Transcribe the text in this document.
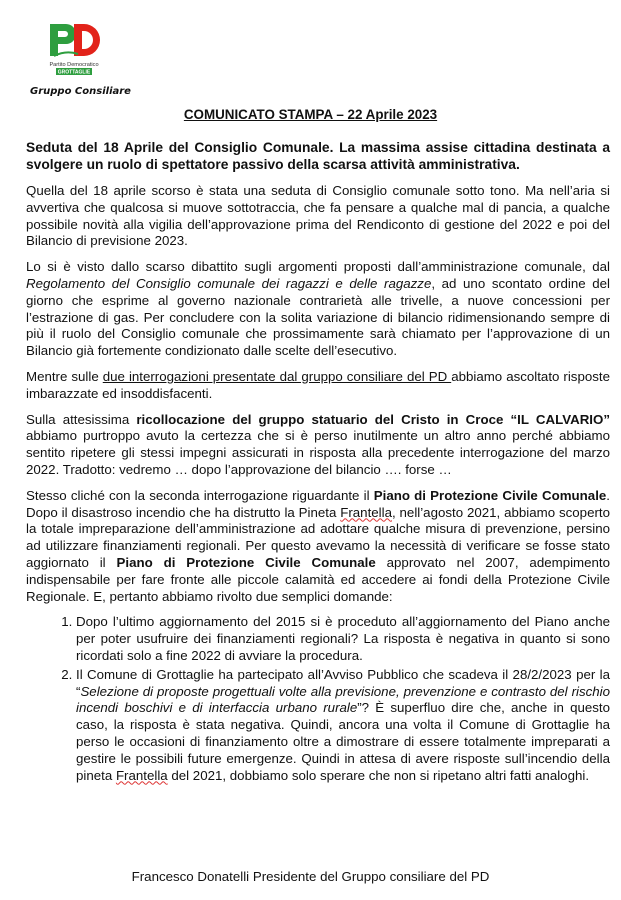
Partito Democratico
GROTTAGLIE
Gruppo Consiliare
COMUNICATO STAMPA – 22 Aprile 2023

Seduta del 18 Aprile del Consiglio Comunale. La massima assise cittadina destinata a svolgere un ruolo di spettatore passivo della scarsa attività amministrativa.

Quella del 18 aprile scorso è stata una seduta di Consiglio comunale sotto tono. Ma nell’aria si avvertiva che qualcosa si muove sottotraccia, che fa pensare a qualche mal di pancia, a qualche possibile novità alla vigilia dell’approvazione prima del Rendiconto di gestione del 2022 e poi del Bilancio di previsione 2023.

Lo si è visto dallo scarso dibattito sugli argomenti proposti dall’amministrazione comunale, dal Regolamento del Consiglio comunale dei ragazzi e delle ragazze, ad uno scontato ordine del giorno che esprime al governo nazionale contrarietà alle trivelle, a nuove concessioni per l’estrazione di gas. Per concludere con la solita variazione di bilancio ridimensionando sempre di più il ruolo del Consiglio comunale che prossimamente sarà chiamato per l’approvazione di un Bilancio già fortemente condizionato dalle scelte dell’esecutivo.

Mentre sulle due interrogazioni presentate dal gruppo consiliare del PD abbiamo ascoltato risposte imbarazzate ed insoddisfacenti.

Sulla attesissima ricollocazione del gruppo statuario del Cristo in Croce “IL CALVARIO” abbiamo purtroppo avuto la certezza che si è perso inutilmente un altro anno perché abbiamo sentito ripetere gli stessi impegni assicurati in risposta alla precedente interrogazione del marzo 2022. Tradotto: vedremo … dopo l’approvazione del bilancio …. forse …

Stesso cliché con la seconda interrogazione riguardante il Piano di Protezione Civile Comunale. Dopo il disastroso incendio che ha distrutto la Pineta Frantella, nell’agosto 2021, abbiamo scoperto la totale impreparazione dell’amministrazione ad adottare qualche misura di prevenzione, persino ad utilizzare finanziamenti regionali. Per questo avevamo la necessità di verificare se fosse stato aggiornato il Piano di Protezione Civile Comunale approvato nel 2007, adempimento indispensabile per fare fronte alle piccole calamità ed accedere ai fondi della Protezione Civile Regionale. E, pertanto abbiamo rivolto due semplici domande:

1. Dopo l’ultimo aggiornamento del 2015 si è proceduto all’aggiornamento del Piano anche per poter usufruire dei finanziamenti regionali? La risposta è negativa in quanto si sono ricordati solo a fine 2022 di avviare la procedura.
2. Il Comune di Grottaglie ha partecipato all’Avviso Pubblico che scadeva il 28/2/2023 per la “Selezione di proposte progettuali volte alla previsione, prevenzione e contrasto del rischio incendi boschivi e di interfaccia urbano rurale”? È superfluo dire che, anche in questo caso, la risposta è stata negativa. Quindi, ancora una volta il Comune di Grottaglie ha perso le occasioni di finanziamento oltre a dimostrare di essere totalmente impreparati a gestire le possibili future emergenze. Quindi in attesa di avere risposte sull’incendio della pineta Frantella del 2021, dobbiamo solo sperare che non si ripetano altri fatti analoghi.
Francesco Donatelli Presidente del Gruppo consiliare del PD
